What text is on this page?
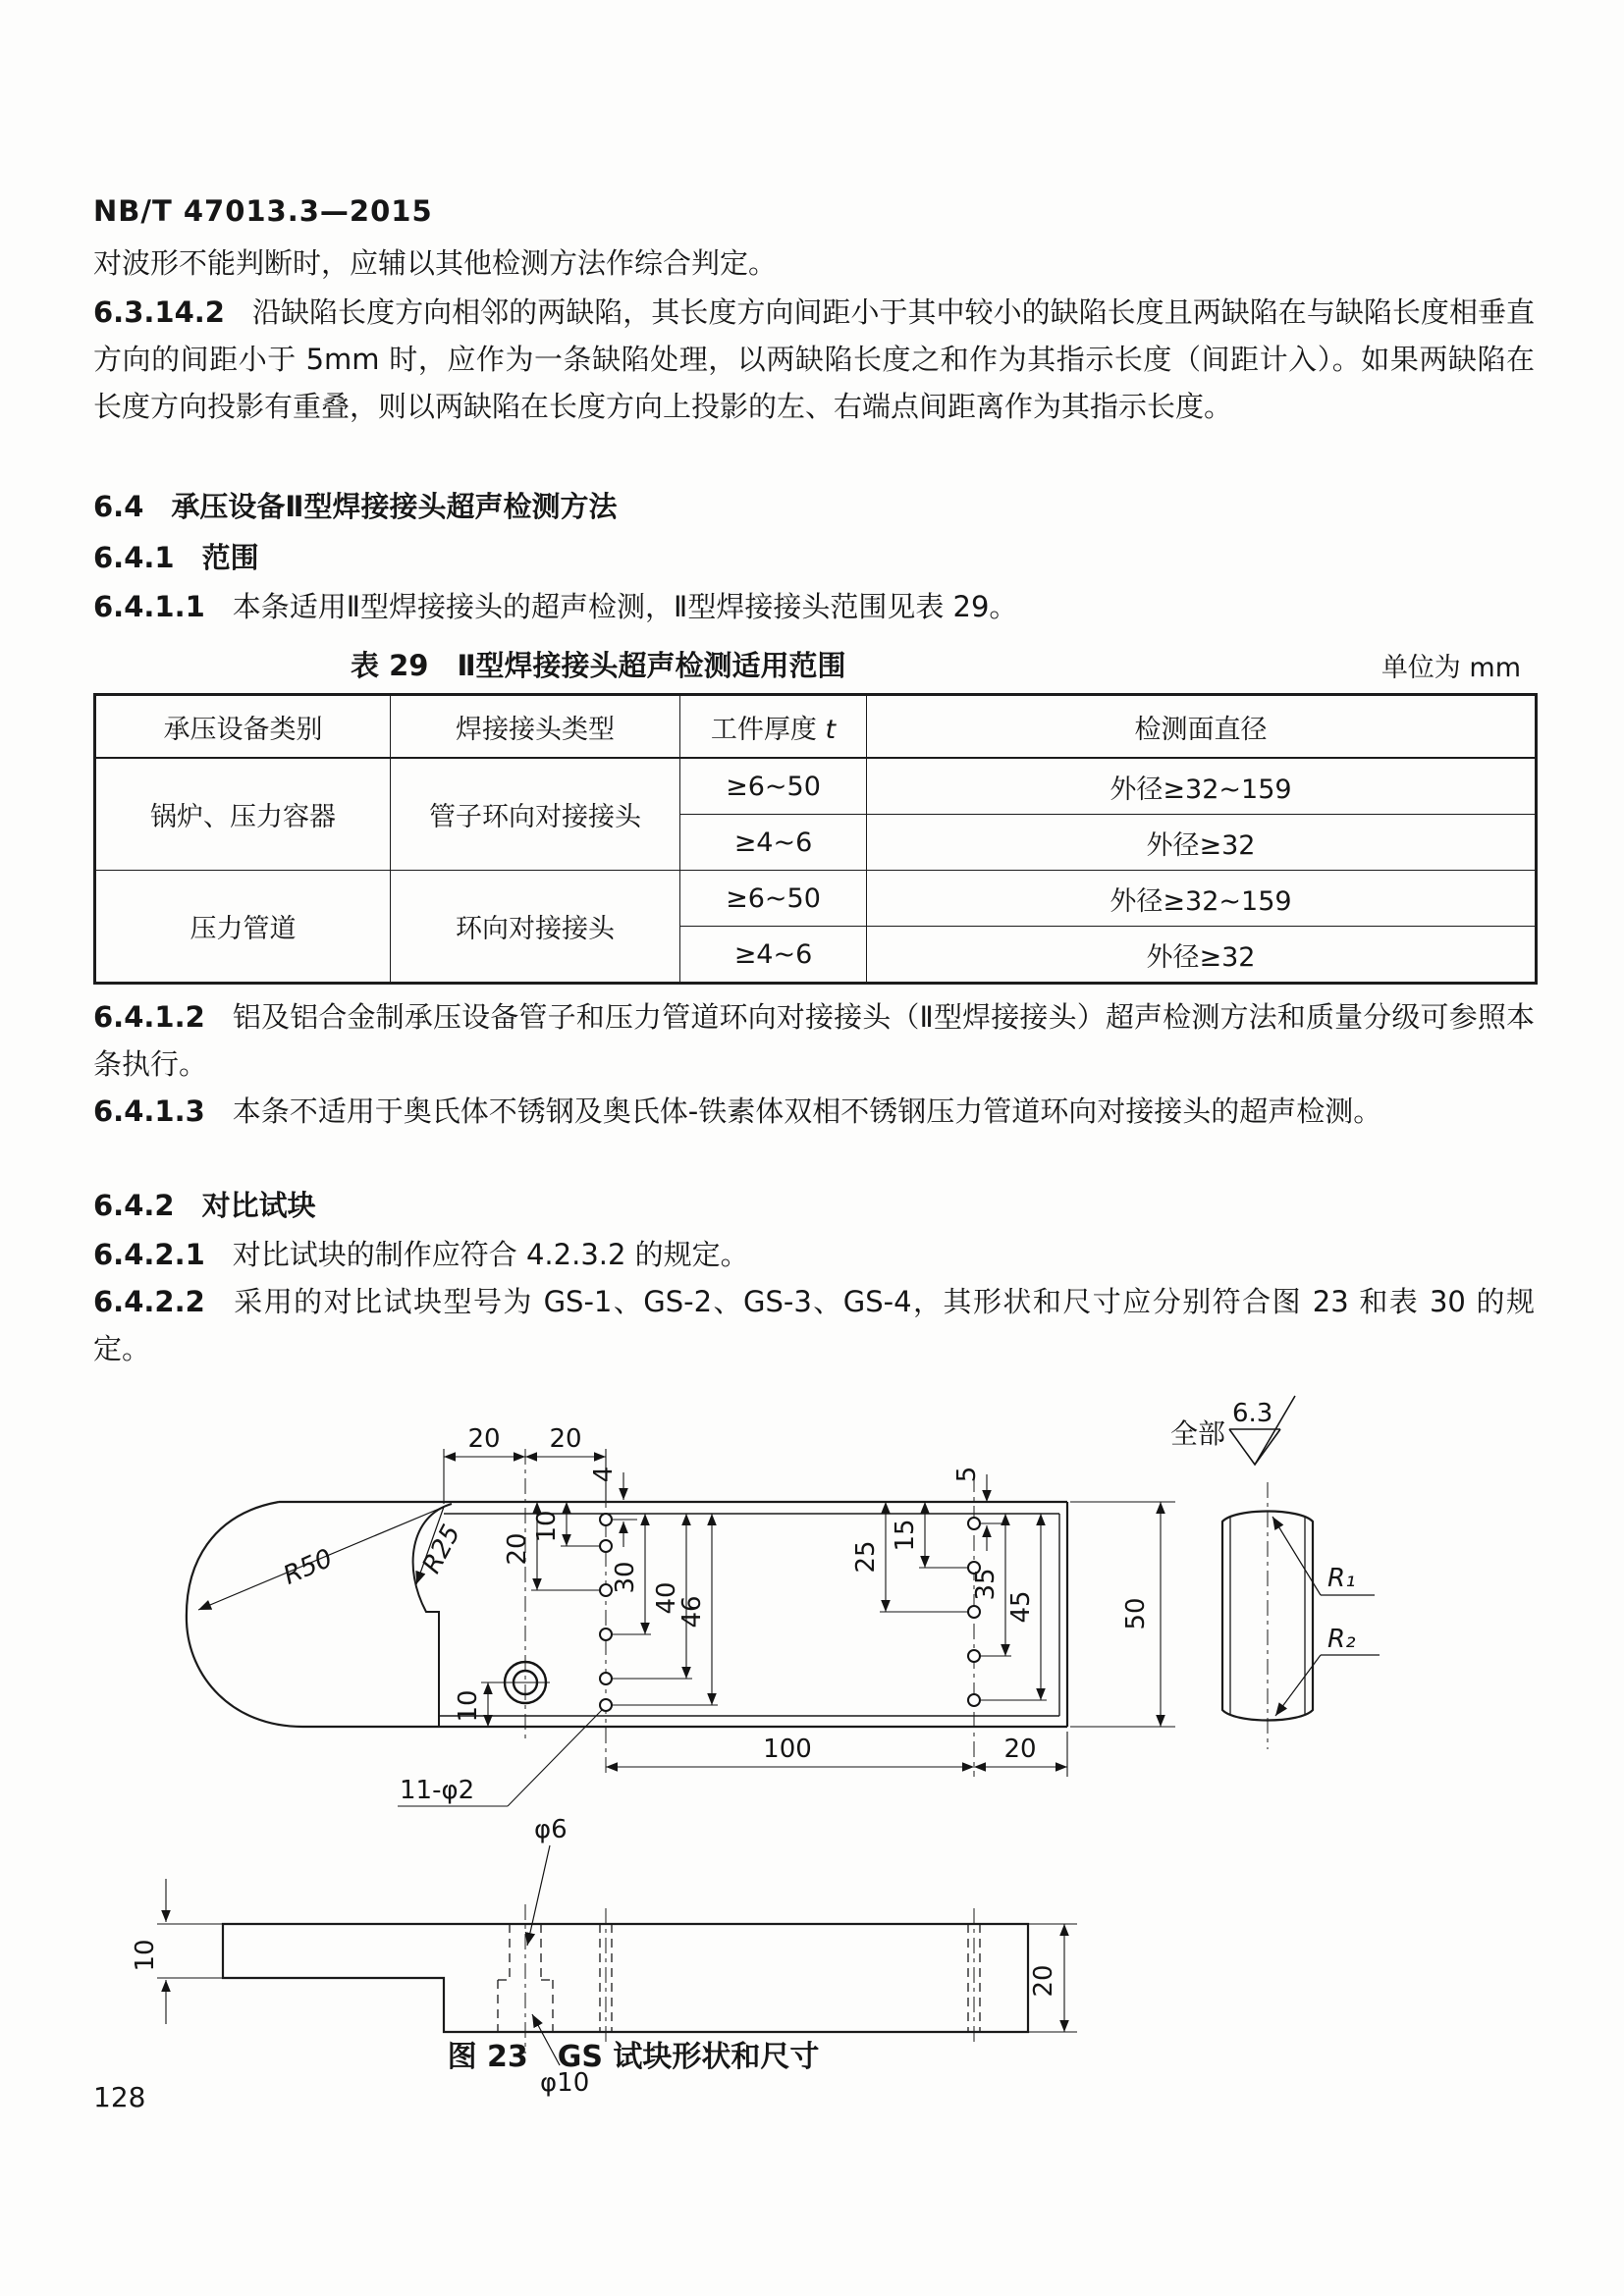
NB/T 47013.3—2015

对波形不能判断时，应辅以其他检测方法作综合判定。

6.3.14.2 沿缺陷长度方向相邻的两缺陷，其长度方向间距小于其中较小的缺陷长度且两缺陷在与缺陷长度相垂直方向的间距小于 5mm 时，应作为一条缺陷处理，以两缺陷长度之和作为其指示长度（间距计入）。如果两缺陷在长度方向投影有重叠，则以两缺陷在长度方向上投影的左、右端点间距离作为其指示长度。

6.4 承压设备Ⅱ型焊接接头超声检测方法

6.4.1 范围

6.4.1.1 本条适用Ⅱ型焊接接头的超声检测，Ⅱ型焊接接头范围见表 29。

表 29　Ⅱ型焊接接头超声检测适用范围	单位为 mm
承压设备类别	焊接接头类型	工件厚度 t	检测面直径
锅炉、压力容器	管子环向对接接头	≥6~50	外径≥32~159
		≥4~6	外径≥32
压力管道	环向对接接头	≥6~50	外径≥32~159
		≥4~6	外径≥32

6.4.1.2 铝及铝合金制承压设备管子和压力管道环向对接接头（Ⅱ型焊接接头）超声检测方法和质量分级可参照本条执行。

6.4.1.3 本条不适用于奥氏体不锈钢及奥氏体-铁素体双相不锈钢压力管道环向对接接头的超声检测。

6.4.2 对比试块

6.4.2.1 对比试块的制作应符合 4.2.3.2 的规定。

6.4.2.2 采用的对比试块型号为 GS-1、GS-2、GS-3、GS-4，其形状和尺寸应分别符合图 23 和表 30 的规定。

R50	R25
20 20
4
10
20
30
40
46
10
5
15
25
35
45	50
100	20
11-φ2
R₁
R₂
全部
6.3
10
20
φ6
φ10
图 23　GS 试块形状和尺寸
128
